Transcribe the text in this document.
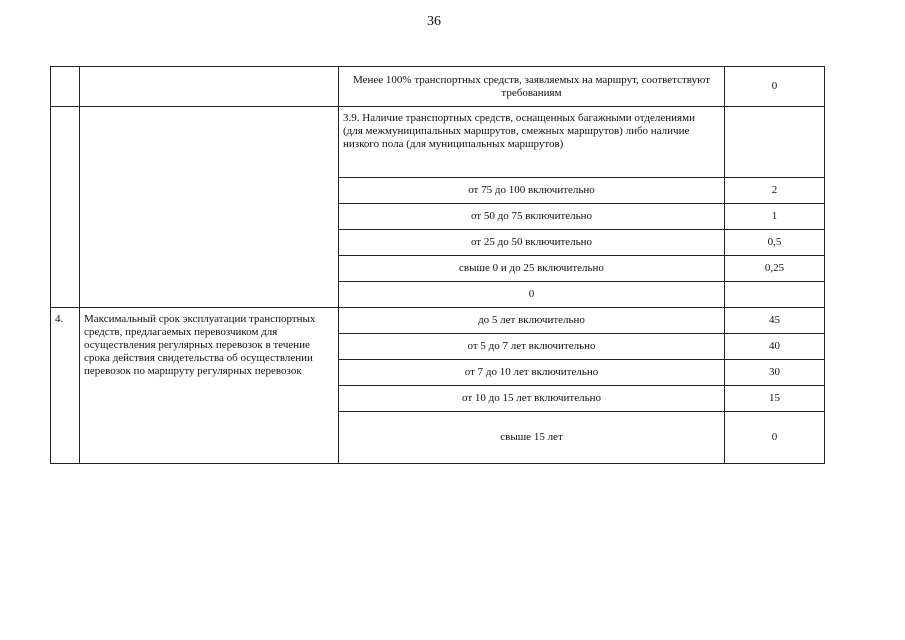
36
		Менее 100% транспортных средств, заявляемых на маршрут, соответствуют требованиям	0
		3.9. Наличие транспортных средств, оснащенных багажными отделениями (для межмуниципальных маршрутов, смежных маршрутов) либо наличие низкого пола (для муниципальных маршрутов)	
		от 75 до 100 включительно	2
		от 50 до 75 включительно	1
		от 25 до 50 включительно	0,5
		свыше 0 и до 25 включительно	0,25
		0	
4.	Максимальный срок эксплуатации транспортных средств, предлагаемых перевозчиком для осуществления регулярных перевозок в течение срока действия свидетельства об осуществлении перевозок по маршруту регулярных перевозок	до 5 лет включительно	45
		от 5 до 7 лет включительно	40
		от 7 до 10 лет включительно	30
		от 10 до 15 лет включительно	15
		свыше 15 лет	0
